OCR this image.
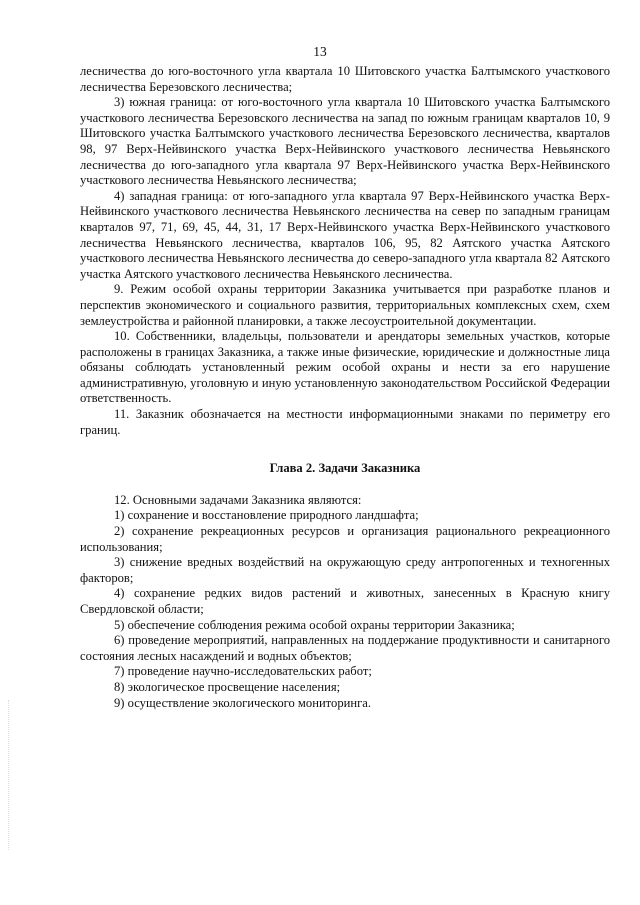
13

лесничества до юго-восточного угла квартала 10 Шитовского участка Балтымского участкового лесничества Березовского лесничества;

3) южная граница: от юго-восточного угла квартала 10 Шитовского участка Балтымского участкового лесничества Березовского лесничества на запад по южным границам кварталов 10, 9 Шитовского участка Балтымского участкового лесничества Березовского лесничества, кварталов 98, 97 Верх-Нейвинского участка Верх-Нейвинского участкового лесничества Невьянского лесничества до юго-западного угла квартала 97 Верх-Нейвинского участка Верх-Нейвинского участкового лесничества Невьянского лесничества;

4) западная граница: от юго-западного угла квартала 97 Верх-Нейвинского участка Верх-Нейвинского участкового лесничества Невьянского лесничества на север по западным границам кварталов 97, 71, 69, 45, 44, 31, 17 Верх-Нейвинского участка Верх-Нейвинского участкового лесничества Невьянского лесничества, кварталов 106, 95, 82 Аятского участка Аятского участкового лесничества Невьянского лесничества до северо-западного угла квартала 82 Аятского участка Аятского участкового лесничества Невьянского лесничества.

9. Режим особой охраны территории Заказника учитывается при разработке планов и перспектив экономического и социального развития, территориальных комплексных схем, схем землеустройства и районной планировки, а также лесоустроительной документации.

10. Собственники, владельцы, пользователи и арендаторы земельных участков, которые расположены в границах Заказника, а также иные физические, юридические и должностные лица обязаны соблюдать установленный режим особой охраны и нести за его нарушение административную, уголовную и иную установленную законодательством Российской Федерации ответственность.

11. Заказник обозначается на местности информационными знаками по периметру его границ.

Глава 2. Задачи Заказника

12. Основными задачами Заказника являются:

1) сохранение и восстановление природного ландшафта;

2) сохранение рекреационных ресурсов и организация рационального рекреационного использования;

3) снижение вредных воздействий на окружающую среду антропогенных и техногенных факторов;

4) сохранение редких видов растений и животных, занесенных в Красную книгу Свердловской области;

5) обеспечение соблюдения режима особой охраны территории Заказника;

6) проведение мероприятий, направленных на поддержание продуктивности и санитарного состояния лесных насаждений и водных объектов;

7) проведение научно-исследовательских работ;

8) экологическое просвещение населения;

9) осуществление экологического мониторинга.
